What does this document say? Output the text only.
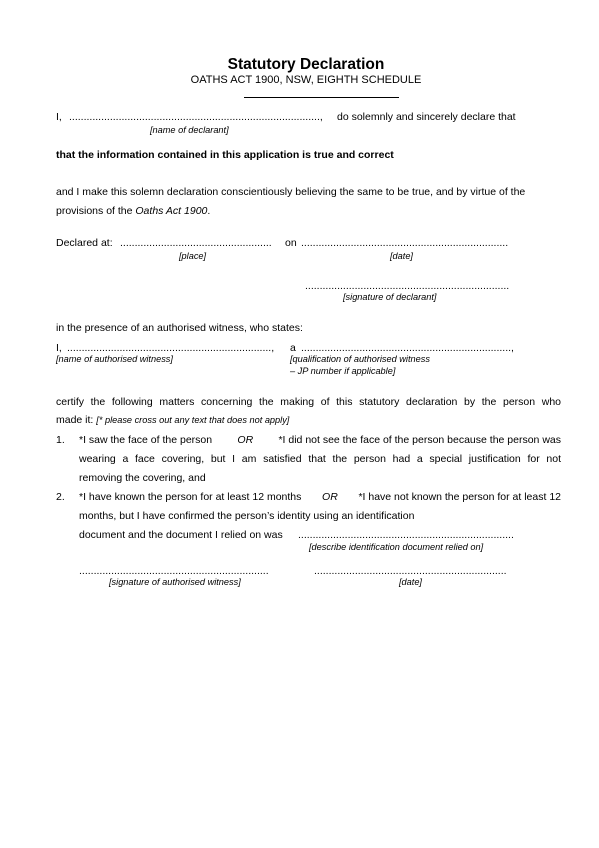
Statutory Declaration
OATHS ACT 1900, NSW, EIGHTH SCHEDULE
I, ......................................................................................, do solemnly and sincerely declare that
[name of declarant]
that the information contained in this application is true and correct
and I make this solemn declaration conscientiously believing the same to be true, and by virtue of the
provisions of the Oaths Act 1900.
Declared at: .................................................... on .......................................................................
[place]	[date]
......................................................................
[signature of declarant]
in the presence of an authorised witness, who states:
I, ......................................................................, a ........................................................................,
[name of authorised witness]	[qualification of authorised witness
– JP number if applicable]
certify the following matters concerning the making of this statutory declaration by the person who
made it: [* please cross out any text that does not apply]
1. *I saw the face of the person OR *I did not see the face of the person because the person was
wearing a face covering, but I am satisfied that the person had a special justification for not
removing the covering, and
2. *I have known the person for at least 12 months OR *I have not known the person for at least 12
months, but I have confirmed the person’s identity using an identification
document and the document I relied on was ..........................................................................
[describe identification document relied on]
.................................................................	..................................................................
[signature of authorised witness]	[date]
